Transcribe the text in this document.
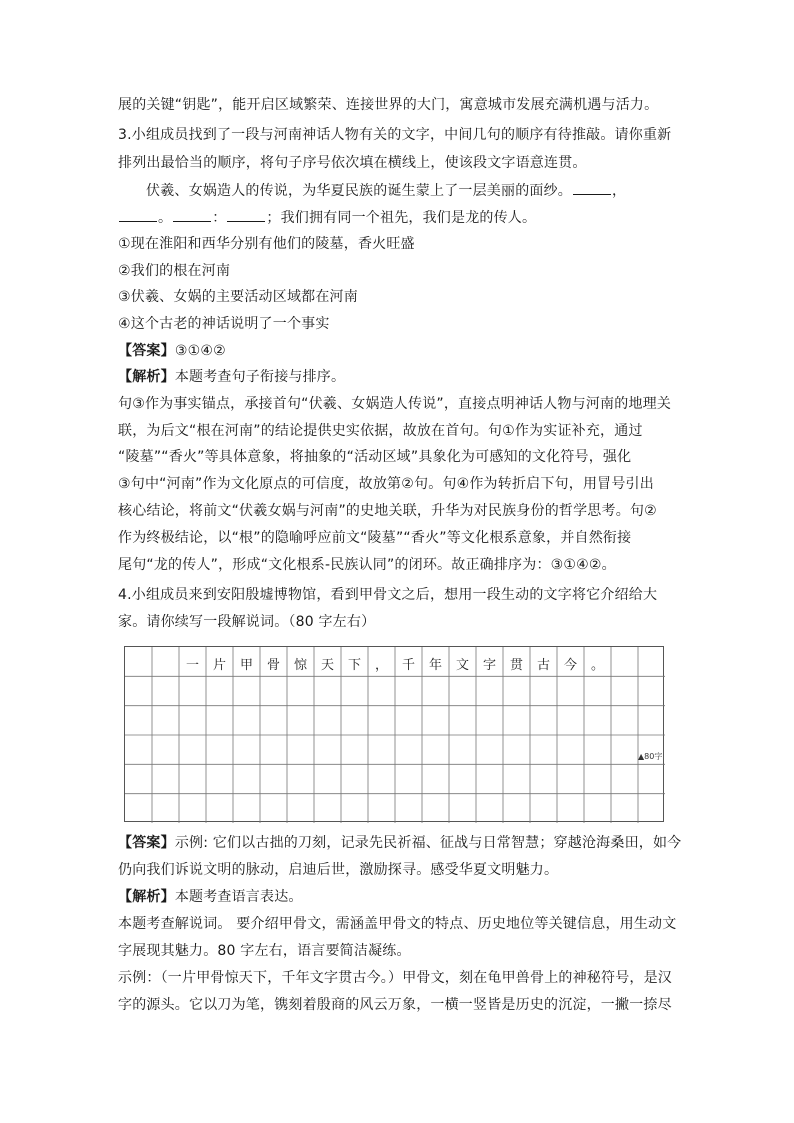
展的关键“钥匙”，能开启区域繁荣、连接世界的大门，寓意城市发展充满机遇与活力。
3.小组成员找到了一段与河南神话人物有关的文字，中间几句的顺序有待推敲。请你重新
排列出最恰当的顺序，将句子序号依次填在横线上，使该段文字语意连贯。
伏羲、女娲造人的传说，为华夏民族的诞生蒙上了一层美丽的面纱。	，
。	：	；我们拥有同一个祖先，我们是龙的传人。
①现在淮阳和西华分别有他们的陵墓，香火旺盛
②我们的根在河南
③伏羲、女娲的主要活动区域都在河南
④这个古老的神话说明了一个事实
【答案】③①④②
【解析】本题考查句子衔接与排序。
句③作为事实锚点，承接首句“伏羲、女娲造人传说”，直接点明神话人物与河南的地理关
联，为后文“根在河南”的结论提供史实依据，故放在首句。句①作为实证补充，通过
“陵墓”“香火”等具体意象，将抽象的“活动区域”具象化为可感知的文化符号，强化
③句中“河南”作为文化原点的可信度，故放第②句。句④作为转折启下句，用冒号引出
核心结论，将前文“伏羲女娲与河南”的史地关联，升华为对民族身份的哲学思考。句②
作为终极结论，以“根”的隐喻呼应前文“陵墓”“香火”等文化根系意象，并自然衔接
尾句“龙的传人”，形成“文化根系-民族认同”的闭环。故正确排序为：③①④②。
4.小组成员来到安阳殷墟博物馆，看到甲骨文之后，想用一段生动的文字将它介绍给大
家。请你续写一段解说词。（80 字左右）
一	片	甲	骨	惊	天	下	，	千	年	文	字	贯	古	今	。
▲80字
【答案】示例: 它们以古拙的刀刻，记录先民祈福、征战与日常智慧；穿越沧海桑田，如今
仍向我们诉说文明的脉动，启迪后世，激励探寻。感受华夏文明魅力。
【解析】本题考查语言表达。
本题考查解说词。 要介绍甲骨文，需涵盖甲骨文的特点、历史地位等关键信息，用生动文
字展现其魅力。80 字左右，语言要简洁凝练。
示例：（一片甲骨惊天下，千年文字贯古今。）甲骨文，刻在龟甲兽骨上的神秘符号，是汉
字的源头。它以刀为笔，镌刻着殷商的风云万象，一横一竖皆是历史的沉淀，一撇一捺尽
